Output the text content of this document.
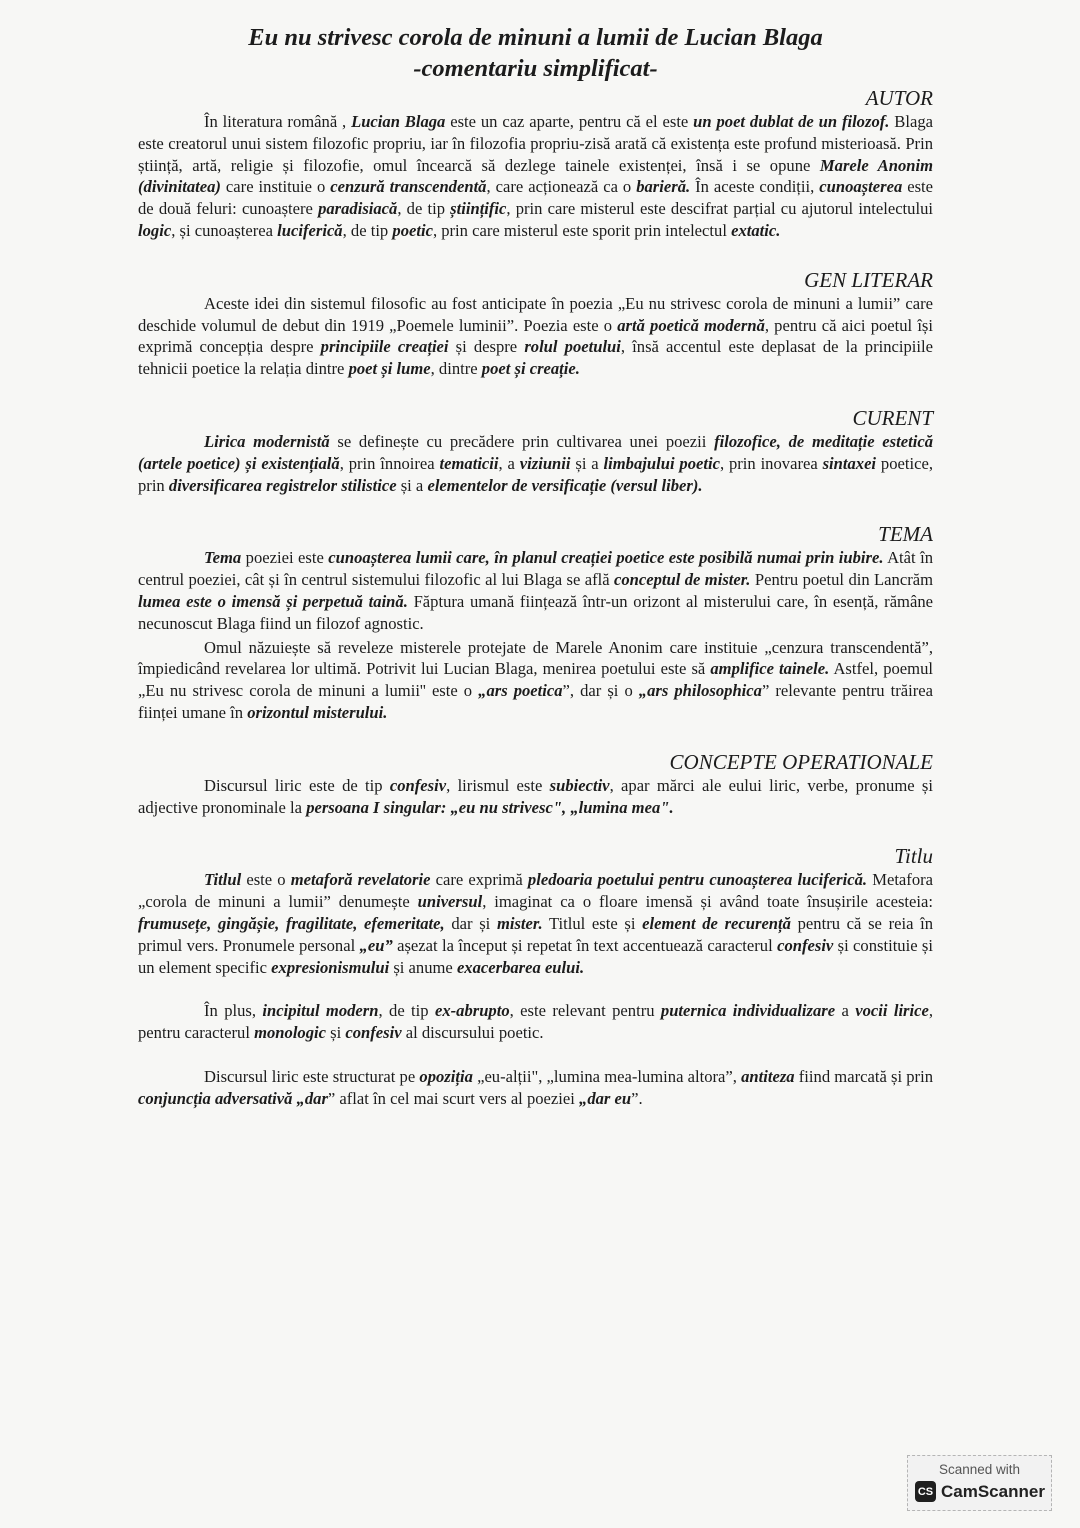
Eu nu strivesc corola de minuni a lumii de Lucian Blaga
-comentariu simplificat-
AUTOR

În literatura română , Lucian Blaga este un caz aparte, pentru că el este un poet dublat de un filozof. Blaga este creatorul unui sistem filozofic propriu, iar în filozofia propriu-zisă arată că existența este profund misterioasă. Prin știință, artă, religie și filozofie, omul încearcă să dezlege tainele existenței, însă i se opune Marele Anonim (divinitatea) care instituie o cenzură transcendentă, care acționează ca o barieră. În aceste condiții, cunoașterea este de două feluri: cunoaștere paradisiacă, de tip științific, prin care misterul este descifrat parțial cu ajutorul intelectului logic, și cunoașterea luciferică, de tip poetic, prin care misterul este sporit prin intelectul extatic.

GEN LITERAR

Aceste idei din sistemul filosofic au fost anticipate în poezia „Eu nu strivesc corola de minuni a lumii” care deschide volumul de debut din 1919 „Poemele luminii”. Poezia este o artă poetică modernă, pentru că aici poetul își exprimă concepția despre principiile creației și despre rolul poetului, însă accentul este deplasat de la principiile tehnicii poetice la relația dintre poet și lume, dintre poet și creație.

CURENT

Lirica modernistă se definește cu precădere prin cultivarea unei poezii filozofice, de meditație estetică (artele poetice) și existențială, prin înnoirea tematicii, a viziunii și a limbajului poetic, prin inovarea sintaxei poetice, prin diversificarea registrelor stilistice și a elementelor de versificație (versul liber).

TEMA

Tema poeziei este cunoașterea lumii care, în planul creației poetice este posibilă numai prin iubire. Atât în centrul poeziei, cât și în centrul sistemului filozofic al lui Blaga se află conceptul de mister. Pentru poetul din Lancrăm lumea este o imensă și perpetuă taină. Făptura umană ființează într-un orizont al misterului care, în esență, rămâne necunoscut Blaga fiind un filozof agnostic.

Omul năzuiește să reveleze misterele protejate de Marele Anonim care instituie „cenzura transcendentă”, împiedicând revelarea lor ultimă. Potrivit lui Lucian Blaga, menirea poetului este să amplifice tainele. Astfel, poemul „Eu nu strivesc corola de minuni a lumii'' este o „ars poetica”, dar și o „ars philosophica” relevante pentru trăirea ființei umane în orizontul misterului.

CONCEPTE OPERATIONALE

Discursul liric este de tip confesiv, lirismul este subiectiv, apar mărci ale eului liric, verbe, pronume și adjective pronominale la persoana I singular: „eu nu strivesc", „lumina mea".

Titlu

Titlul este o metaforă revelatorie care exprimă pledoaria poetului pentru cunoașterea luciferică. Metafora „corola de minuni a lumii” denumește universul, imaginat ca o floare imensă și având toate însușirile acesteia: frumusețe, gingășie, fragilitate, efemeritate, dar și mister. Titlul este și element de recurență pentru că se reia în primul vers. Pronumele personal „eu” așezat la început și repetat în text accentuează caracterul confesiv și constituie și un element specific expresionismului și anume exacerbarea eului.

În plus, incipitul modern, de tip ex-abrupto, este relevant pentru puternica individualizare a vocii lirice, pentru caracterul monologic și confesiv al discursului poetic.

Discursul liric este structurat pe opoziția „eu-alții", „lumina mea-lumina altora”, antiteza fiind marcată și prin conjuncția adversativă „dar” aflat în cel mai scurt vers al poeziei „dar eu”.

Scanned with
CS CamScanner
